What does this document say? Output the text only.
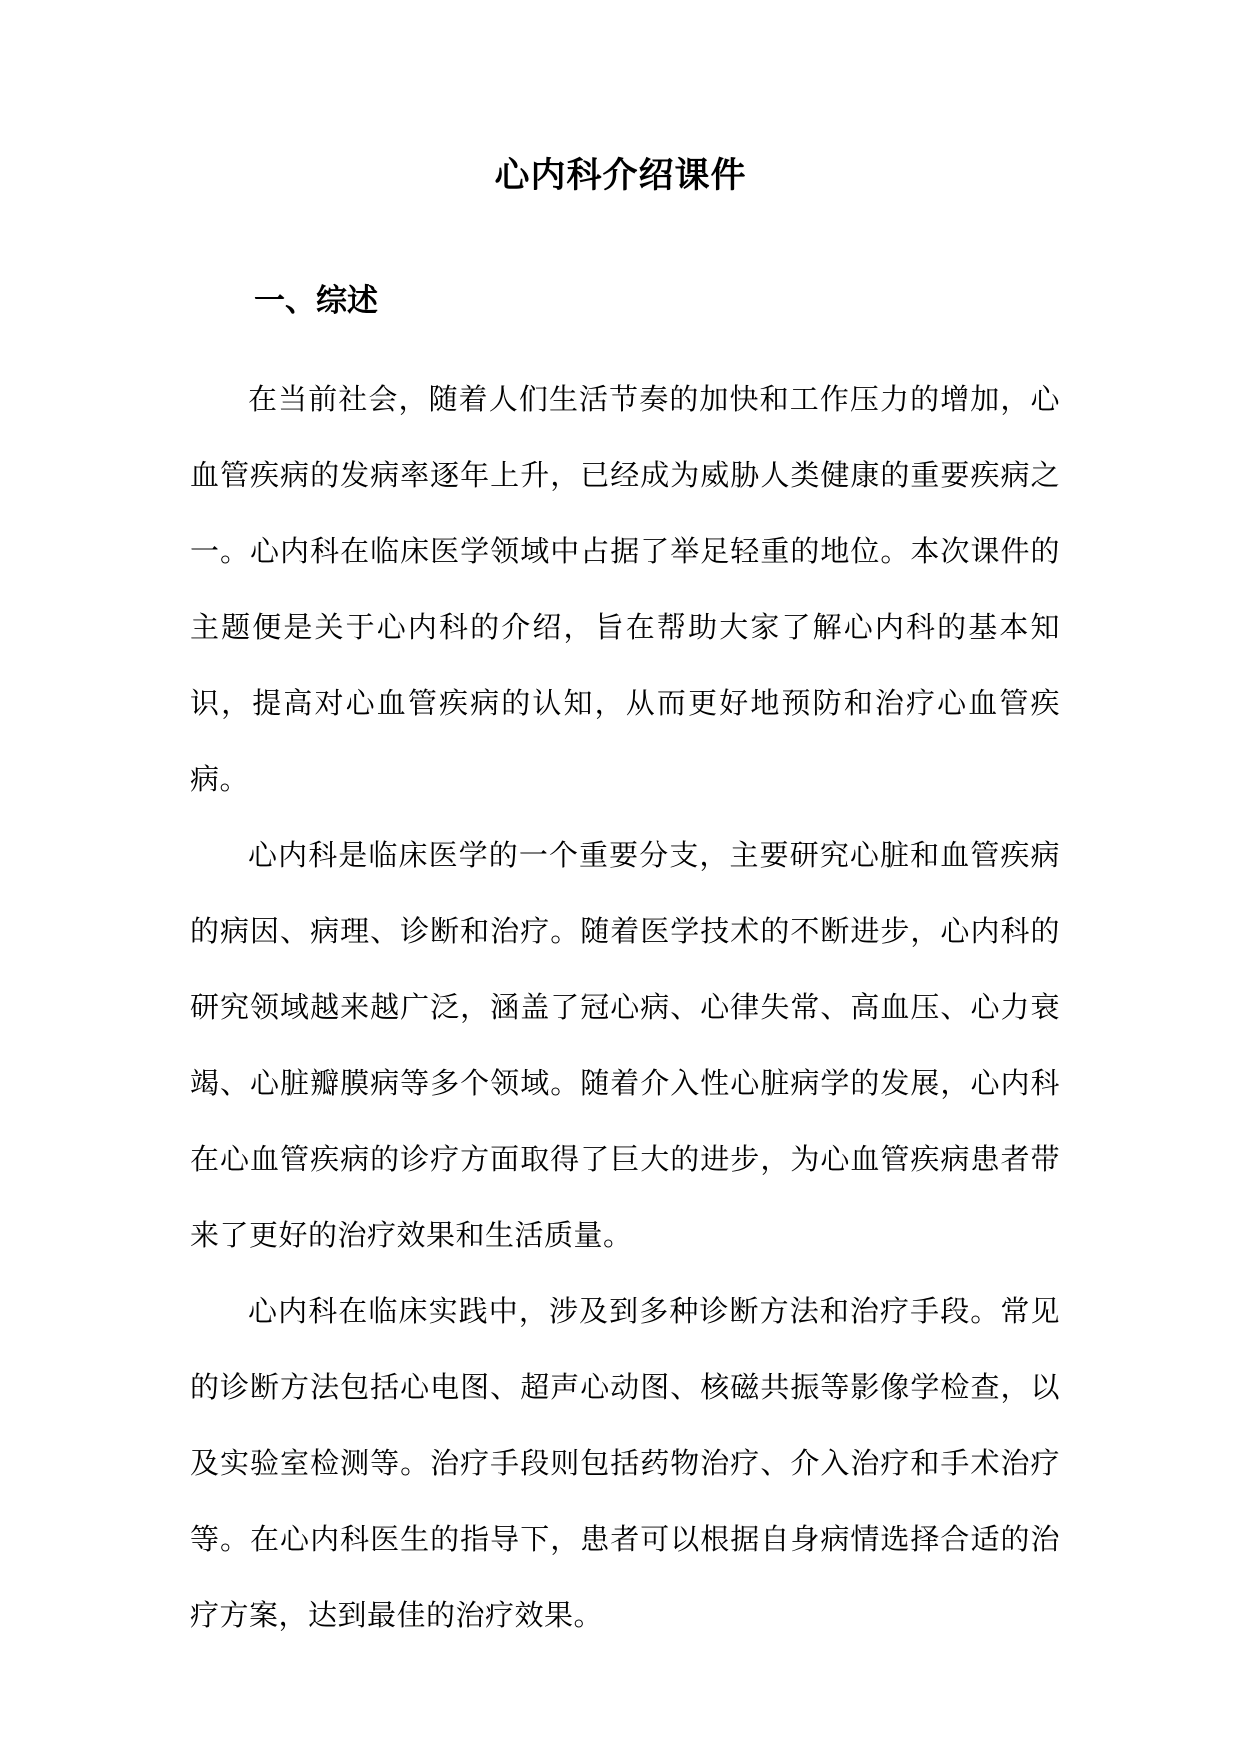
心内科介绍课件
一、综述

在当前社会，随着人们生活节奏的加快和工作压力的增加，心血管疾病的发病率逐年上升，已经成为威胁人类健康的重要疾病之一。心内科在临床医学领域中占据了举足轻重的地位。本次课件的主题便是关于心内科的介绍，旨在帮助大家了解心内科的基本知识，提高对心血管疾病的认知，从而更好地预防和治疗心血管疾病。

心内科是临床医学的一个重要分支，主要研究心脏和血管疾病的病因、病理、诊断和治疗。随着医学技术的不断进步，心内科的研究领域越来越广泛，涵盖了冠心病、心律失常、高血压、心力衰竭、心脏瓣膜病等多个领域。随着介入性心脏病学的发展，心内科在心血管疾病的诊疗方面取得了巨大的进步，为心血管疾病患者带来了更好的治疗效果和生活质量。

心内科在临床实践中，涉及到多种诊断方法和治疗手段。常见的诊断方法包括心电图、超声心动图、核磁共振等影像学检查，以及实验室检测等。治疗手段则包括药物治疗、介入治疗和手术治疗等。在心内科医生的指导下，患者可以根据自身病情选择合适的治疗方案，达到最佳的治疗效果。
